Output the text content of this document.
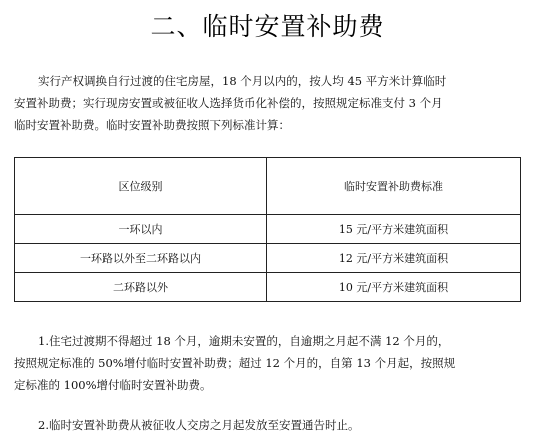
二、临时安置补助费
实行产权调换自行过渡的住宅房屋，18 个月以内的，按人均 45 平方米计算临时
安置补助费；实行现房安置或被征收人选择货币化补偿的，按照规定标准支付 3 个月
临时安置补助费。临时安置补助费按照下列标准计算：
区位级别	临时安置补助费标准
一环以内	15 元/平方米建筑面积
一环路以外至二环路以内	12 元/平方米建筑面积
二环路以外	10 元/平方米建筑面积
1.住宅过渡期不得超过 18 个月，逾期未安置的，自逾期之月起不满 12 个月的，
按照规定标准的 50%增付临时安置补助费；超过 12 个月的，自第 13 个月起，按照规
定标准的 100%增付临时安置补助费。
2.临时安置补助费从被征收人交房之月起发放至安置通告时止。
